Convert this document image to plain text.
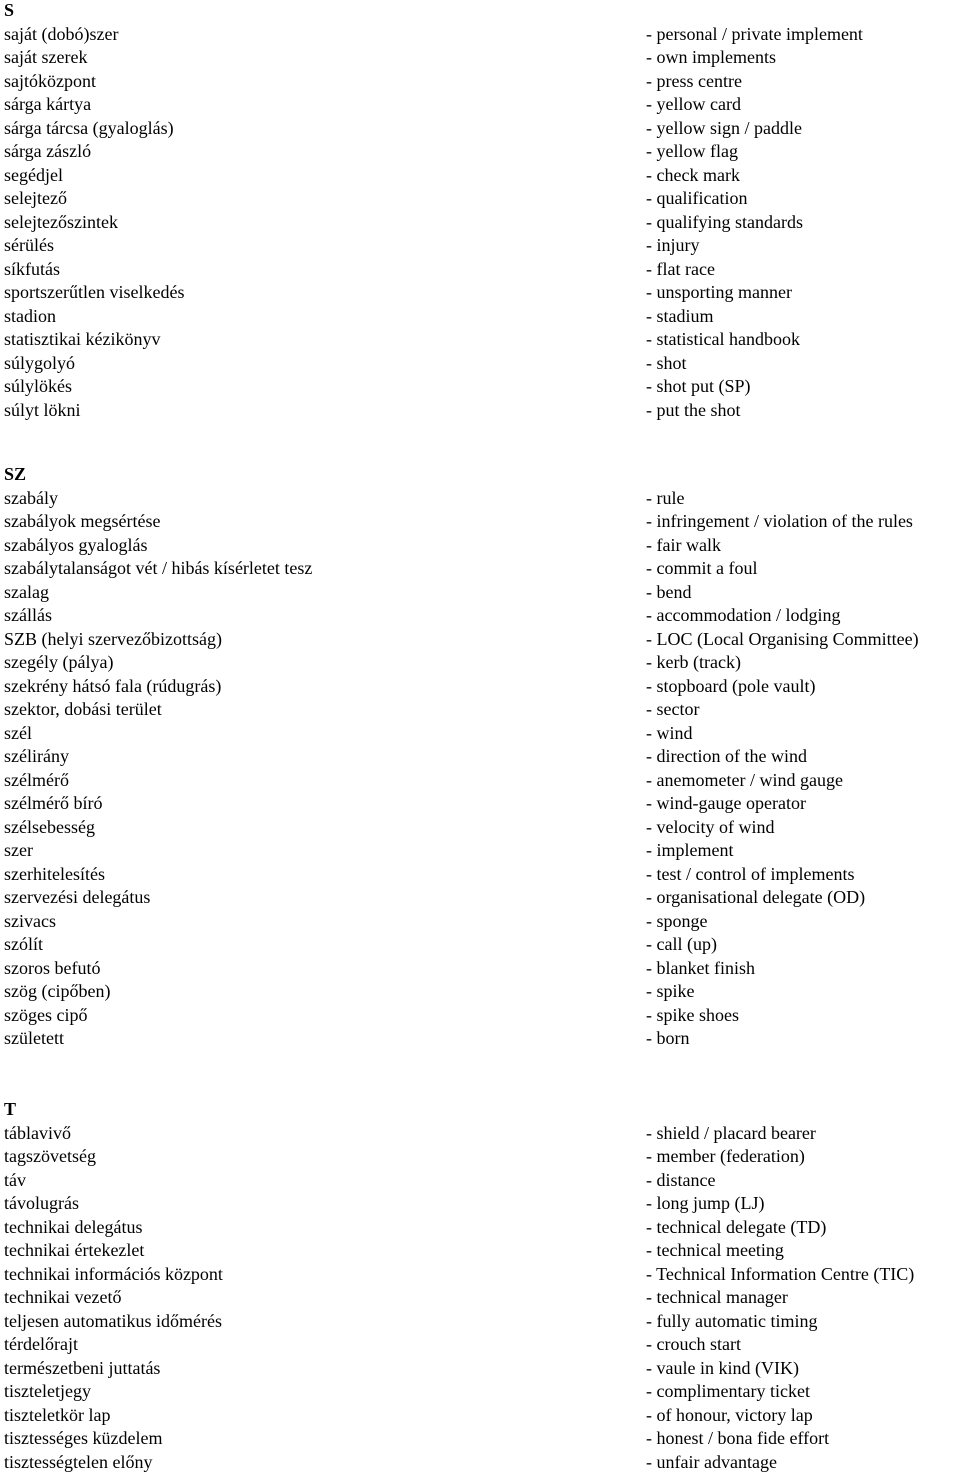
S
saját (dobó)szer	- personal / private implement
saját szerek	- own implements
sajtóközpont	- press centre
sárga kártya	- yellow card
sárga tárcsa (gyaloglás)	- yellow sign / paddle
sárga zászló	- yellow flag
segédjel	- check mark
selejtező	- qualification
selejtezőszintek	- qualifying standards
sérülés	- injury
síkfutás	- flat race
sportszerűtlen viselkedés	- unsporting manner
stadion	- stadium
statisztikai kézikönyv	- statistical handbook
súlygolyó	- shot
súlylökés	- shot put (SP)
súlyt lökni	- put the shot
SZ
szabály	- rule
szabályok megsértése	- infringement / violation of the rules
szabályos gyaloglás	- fair walk
szabálytalanságot vét / hibás kísérletet tesz	- commit a foul
szalag	- bend
szállás	- accommodation / lodging
SZB (helyi szervezőbizottság)	- LOC (Local Organising Committee)
szegély (pálya)	- kerb (track)
szekrény hátsó fala (rúdugrás)	- stopboard (pole vault)
szektor, dobási terület	- sector
szél	- wind
szélirány	- direction of the wind
szélmérő	- anemometer / wind gauge
szélmérő bíró	- wind-gauge operator
szélsebesség	- velocity of wind
szer	- implement
szerhitelesítés	- test / control of implements
szervezési delegátus	- organisational delegate (OD)
szivacs	- sponge
szólít	- call (up)
szoros befutó	- blanket finish
szög (cipőben)	- spike
szöges cipő	- spike shoes
született	- born
T
táblavivő	- shield / placard bearer
tagszövetség	- member (federation)
táv	- distance
távolugrás	- long jump (LJ)
technikai delegátus	- technical delegate (TD)
technikai értekezlet	- technical meeting
technikai információs központ	- Technical Information Centre (TIC)
technikai vezető	- technical manager
teljesen automatikus időmérés	- fully automatic timing
térdelőrajt	- crouch start
természetbeni juttatás	- vaule in kind (VIK)
tiszteletjegy	- complimentary ticket
tiszteletkör lap	- of honour, victory lap
tisztességes küzdelem	- honest / bona fide effort
tisztességtelen előny	- unfair advantage
